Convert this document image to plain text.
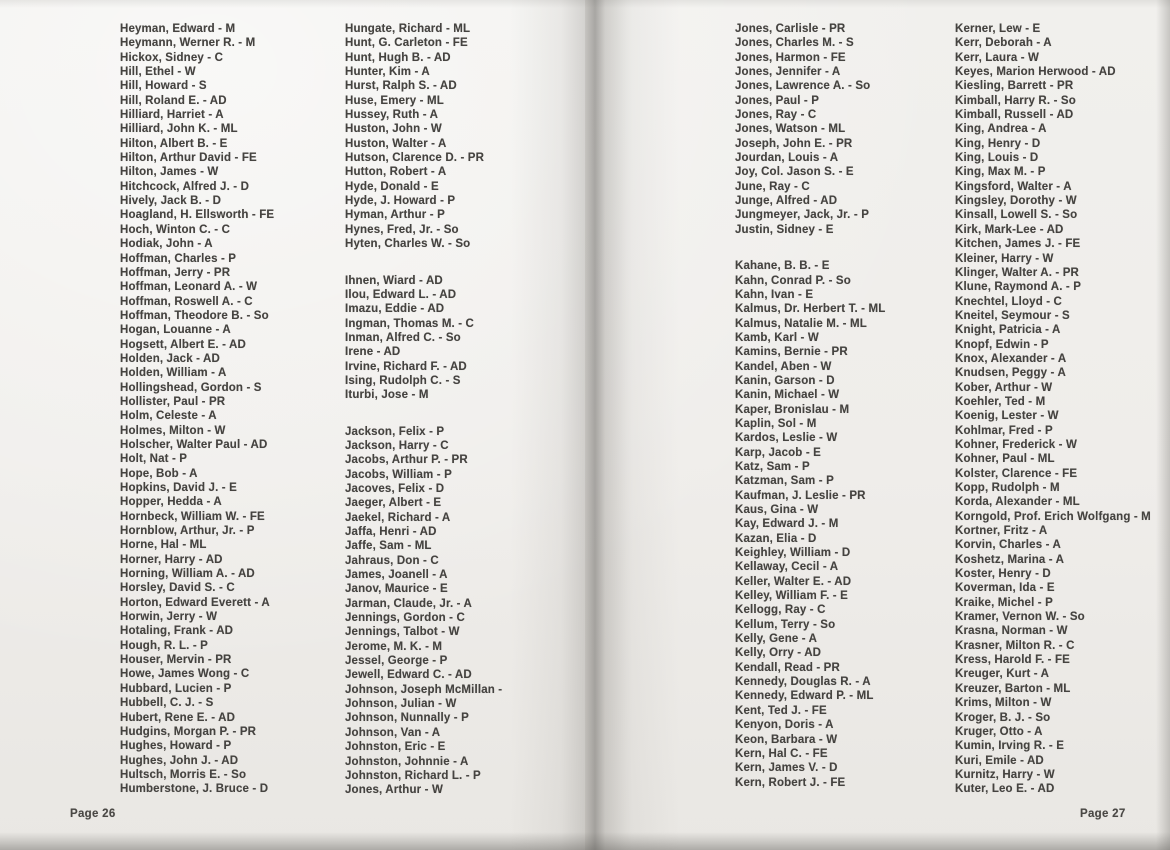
Heyman, Edward - M
Heymann, Werner R. - M
Hickox, Sidney - C
Hill, Ethel - W
Hill, Howard - S
Hill, Roland E. - AD
Hilliard, Harriet - A
Hilliard, John K. - ML
Hilton, Albert B. - E
Hilton, Arthur David - FE
Hilton, James - W
Hitchcock, Alfred J. - D
Hively, Jack B. - D
Hoagland, H. Ellsworth - FE
Hoch, Winton C. - C
Hodiak, John - A
Hoffman, Charles - P
Hoffman, Jerry - PR
Hoffman, Leonard A. - W
Hoffman, Roswell A. - C
Hoffman, Theodore B. - So
Hogan, Louanne - A
Hogsett, Albert E. - AD
Holden, Jack - AD
Holden, William - A
Hollingshead, Gordon - S
Hollister, Paul - PR
Holm, Celeste - A
Holmes, Milton - W
Holscher, Walter Paul - AD
Holt, Nat - P
Hope, Bob - A
Hopkins, David J. - E
Hopper, Hedda - A
Hornbeck, William W. - FE
Hornblow, Arthur, Jr. - P
Horne, Hal - ML
Horner, Harry - AD
Horning, William A. - AD
Horsley, David S. - C
Horton, Edward Everett - A
Horwin, Jerry - W
Hotaling, Frank - AD
Hough, R. L. - P
Houser, Mervin - PR
Howe, James Wong - C
Hubbard, Lucien - P
Hubbell, C. J. - S
Hubert, Rene E. - AD
Hudgins, Morgan P. - PR
Hughes, Howard - P
Hughes, John J. - AD
Hultsch, Morris E. - So
Humberstone, J. Bruce - D
Hungate, Richard - ML
Hunt, G. Carleton - FE
Hunt, Hugh B. - AD
Hunter, Kim - A
Hurst, Ralph S. - AD
Huse, Emery - ML
Hussey, Ruth - A
Huston, John - W
Huston, Walter - A
Hutson, Clarence D. - PR
Hutton, Robert - A
Hyde, Donald - E
Hyde, J. Howard - P
Hyman, Arthur - P
Hynes, Fred, Jr. - So
Hyten, Charles W. - So
Ihnen, Wiard - AD
Ilou, Edward L. - AD
Imazu, Eddie - AD
Ingman, Thomas M. - C
Inman, Alfred C. - So
Irene - AD
Irvine, Richard F. - AD
Ising, Rudolph C. - S
Iturbi, Jose - M
Jackson, Felix - P
Jackson, Harry - C
Jacobs, Arthur P. - PR
Jacobs, William - P
Jacoves, Felix - D
Jaeger, Albert - E
Jaekel, Richard - A
Jaffa, Henri - AD
Jaffe, Sam - ML
Jahraus, Don - C
James, Joanell - A
Janov, Maurice - E
Jarman, Claude, Jr. - A
Jennings, Gordon - C
Jennings, Talbot - W
Jerome, M. K. - M
Jessel, George - P
Jewell, Edward C. - AD
Johnson, Joseph McMillan -
Johnson, Julian - W
Johnson, Nunnally - P
Johnson, Van - A
Johnston, Eric - E
Johnston, Johnnie - A
Johnston, Richard L. - P
Jones, Arthur - W
Page 26
Jones, Carlisle - PR
Jones, Charles M. - S
Jones, Harmon - FE
Jones, Jennifer - A
Jones, Lawrence A. - So
Jones, Paul - P
Jones, Ray - C
Jones, Watson - ML
Joseph, John E. - PR
Jourdan, Louis - A
Joy, Col. Jason S. - E
June, Ray - C
Junge, Alfred - AD
Jungmeyer, Jack, Jr. - P
Justin, Sidney - E
Kahane, B. B. - E
Kahn, Conrad P. - So
Kahn, Ivan - E
Kalmus, Dr. Herbert T. - ML
Kalmus, Natalie M. - ML
Kamb, Karl - W
Kamins, Bernie - PR
Kandel, Aben - W
Kanin, Garson - D
Kanin, Michael - W
Kaper, Bronislau - M
Kaplin, Sol - M
Kardos, Leslie - W
Karp, Jacob - E
Katz, Sam - P
Katzman, Sam - P
Kaufman, J. Leslie - PR
Kaus, Gina - W
Kay, Edward J. - M
Kazan, Elia - D
Keighley, William - D
Kellaway, Cecil - A
Keller, Walter E. - AD
Kelley, William F. - E
Kellogg, Ray - C
Kellum, Terry - So
Kelly, Gene - A
Kelly, Orry - AD
Kendall, Read - PR
Kennedy, Douglas R. - A
Kennedy, Edward P. - ML
Kent, Ted J. - FE
Kenyon, Doris - A
Keon, Barbara - W
Kern, Hal C. - FE
Kern, James V. - D
Kern, Robert J. - FE
Kerner, Lew - E
Kerr, Deborah - A
Kerr, Laura - W
Keyes, Marion Herwood - AD
Kiesling, Barrett - PR
Kimball, Harry R. - So
Kimball, Russell - AD
King, Andrea - A
King, Henry - D
King, Louis - D
King, Max M. - P
Kingsford, Walter - A
Kingsley, Dorothy - W
Kinsall, Lowell S. - So
Kirk, Mark-Lee - AD
Kitchen, James J. - FE
Kleiner, Harry - W
Klinger, Walter A. - PR
Klune, Raymond A. - P
Knechtel, Lloyd - C
Kneitel, Seymour - S
Knight, Patricia - A
Knopf, Edwin - P
Knox, Alexander - A
Knudsen, Peggy - A
Kober, Arthur - W
Koehler, Ted - M
Koenig, Lester - W
Kohlmar, Fred - P
Kohner, Frederick - W
Kohner, Paul - ML
Kolster, Clarence - FE
Kopp, Rudolph - M
Korda, Alexander - ML
Korngold, Prof. Erich Wolfgang - M
Kortner, Fritz - A
Korvin, Charles - A
Koshetz, Marina - A
Koster, Henry - D
Koverman, Ida - E
Kraike, Michel - P
Kramer, Vernon W. - So
Krasna, Norman - W
Krasner, Milton R. - C
Kress, Harold F. - FE
Kreuger, Kurt - A
Kreuzer, Barton - ML
Krims, Milton - W
Kroger, B. J. - So
Kruger, Otto - A
Kumin, Irving R. - E
Kuri, Emile - AD
Kurnitz, Harry - W
Kuter, Leo E. - AD
Page 27
